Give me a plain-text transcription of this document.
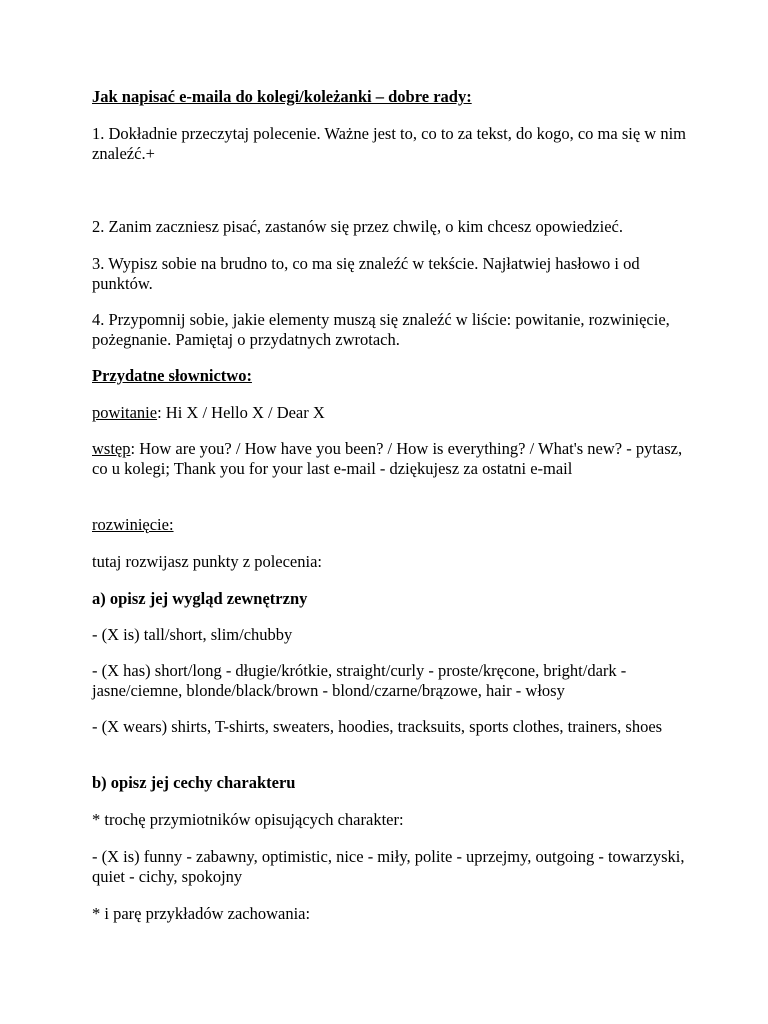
Jak napisać e-maila do kolegi/koleżanki – dobre rady:

1. Dokładnie przeczytaj polecenie. Ważne jest to, co to za tekst, do kogo, co ma się w nim znaleźć.+

2. Zanim zaczniesz pisać, zastanów się przez chwilę, o kim chcesz opowiedzieć.

3. Wypisz sobie na brudno to, co ma się znaleźć w tekście. Najłatwiej hasłowo i od punktów.

4. Przypomnij sobie, jakie elementy muszą się znaleźć w liście: powitanie, rozwinięcie, pożegnanie. Pamiętaj o przydatnych zwrotach.

Przydatne słownictwo:

powitanie: Hi X / Hello X / Dear X

wstęp: How are you? / How have you been? / How is everything? / What's new? - pytasz, co u kolegi; Thank you for your last e-mail - dziękujesz za ostatni e-mail

rozwinięcie:

tutaj rozwijasz punkty z polecenia:

a) opisz jej wygląd zewnętrzny

- (X is) tall/short, slim/chubby

- (X has) short/long - długie/krótkie, straight/curly - proste/kręcone, bright/dark - jasne/ciemne, blonde/black/brown - blond/czarne/brązowe, hair - włosy

- (X wears) shirts, T-shirts, sweaters, hoodies, tracksuits, sports clothes, trainers, shoes

b) opisz jej cechy charakteru

* trochę przymiotników opisujących charakter:

- (X is) funny - zabawny, optimistic, nice - miły, polite - uprzejmy, outgoing - towarzyski, quiet - cichy, spokojny

* i parę przykładów zachowania:
